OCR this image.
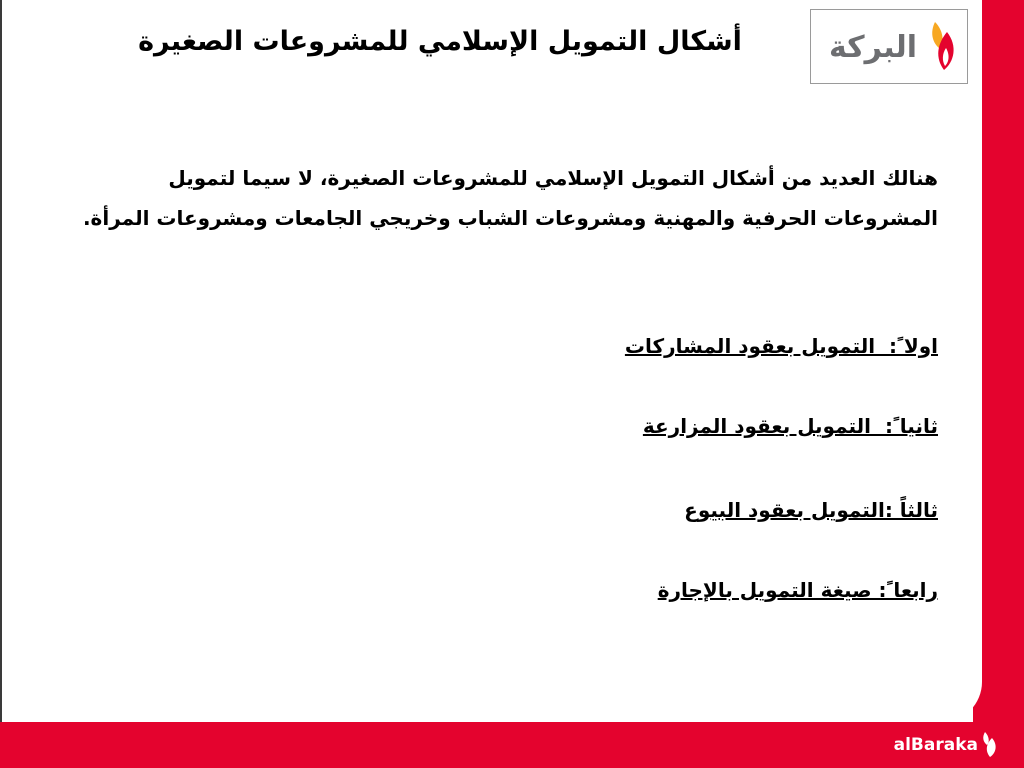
البركة
أشكال التمويل الإسلامي للمشروعات الصغيرة
هنالك العديد من أشكال التمويل الإسلامي للمشروعات الصغيرة، لا سيما لتمويل المشروعات الحرفية والمهنية ومشروعات الشباب وخريجي الجامعات ومشروعات المرأة.
اولا ً:  التمويل بعقود المشاركات
ثانيا ً:  التمويل بعقود المزارعة
ثالثاً :التمويل بعقود البيوع
رابعا ً: صيغة التمويل بالإجارة
alBaraka
